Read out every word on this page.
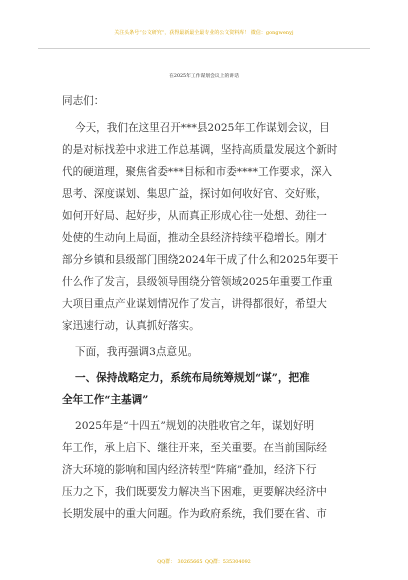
关注头条号“公文研究”，获得最新最全最专业的公文资料库！ 微信：gongwenyj
在2025年工作谋划会议上的讲话
同志们：
今天，我们在这里召开***县2025年工作谋划会议，目
的是对标找差中求进工作总基调，坚持高质量发展这个新时
代的硬道理，聚焦省委***目标和市委****工作要求，深入
思考、深度谋划、集思广益，探讨如何收好官、交好账，
如何开好局、起好步，从而真正形成心往一处想、劲往一
处使的生动向上局面，推动全县经济持续平稳增长。刚才
部分乡镇和县级部门围绕2024年干成了什么和2025年要干
什么作了发言，县级领导围绕分管领域2025年重要工作重
大项目重点产业谋划情况作了发言，讲得都很好，希望大
家迅速行动，认真抓好落实。
下面，我再强调3点意见。
一、保持战略定力，系统布局统筹规划“谋”，把准
全年工作“主基调”
2025年是“十四五”规划的决胜收官之年，谋划好明
年工作，承上启下、继往开来，至关重要。在当前国际经
济大环境的影响和国内经济转型“阵痛”叠加，经济下行
压力之下，我们既要发力解决当下困难，更要解决经济中
长期发展中的重大问题。作为政府系统，我们要在省、市
QQ群： 30265665 QQ群：535304092
